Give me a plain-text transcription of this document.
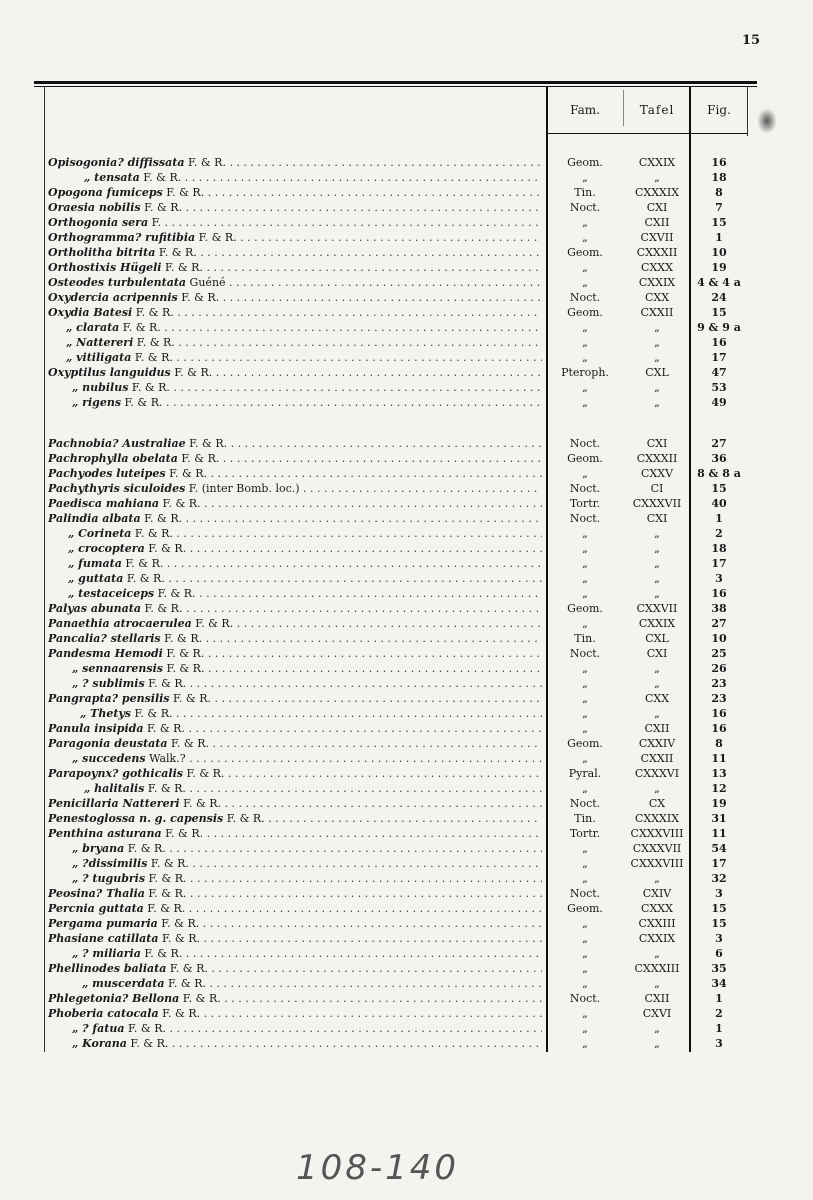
15
Fam.	Tafel	Fig.
Opisogonia? diffissata F. & R. . . .	Geom.	CXXIX	16
„ tensata F. & R. . . .	„	„	18
Opogona fumiceps F. & R. . . .	Tin.	CXXXIX	8
Oraesia nobilis F. & R. . . .	Noct.	CXI	7
Orthogonia sera F. . . .	„	CXII	15
Orthogramma? rufitibia F. & R. . . .	„	CXVII	1
Ortholitha bitrita F. & R. . . .	Geom.	CXXXII	10
Orthostixis Hügeli F. & R. . . .	„	CXXX	19
Osteodes turbulentata Guéné . . .	„	CXXIX	4 & 4 a
Oxydercia acripennis F. & R. . . .	Noct.	CXX	24
Oxydia Batesi F. & R. . . .	Geom.	CXXII	15
„ clarata F. & R. . . .	„	„	9 & 9 a
„ Nattereri F. & R. . . .	„	„	16
„ vitiligata F. & R. . . .	„	„	17
Oxyptilus languidus F. & R. . . .	Pteroph.	CXL	47
„ nubilus F. & R. . . .	„	„	53
„ rigens F. & R. . . .	„	„	49
Pachnobia? Australiae F. & R. . . .	Noct.	CXI	27
Pachrophylla obelata F. & R. . . .	Geom.	CXXXII	36
Pachyodes luteipes F. & R. . . .	„	CXXV	8 & 8 a
Pachythyris siculoides F. (inter Bomb. loc.) . . .	Noct.	CI	15
Paedisca mahiana F. & R. . . .	Tortr.	CXXXVII	40
Palindia albata F. & R. . . .	Noct.	CXI	1
„ Corineta F. & R. . . .	„	„	2
„ crocoptera F. & R. . . .	„	„	18
„ fumata F. & R. . . .	„	„	17
„ guttata F. & R. . . .	„	„	3
„ testaceiceps F. & R. . . .	„	„	16
Palyas abunata F. & R. . . .	Geom.	CXXVII	38
Panaethia atrocaerulea F. & R. . . .	„	CXXIX	27
Pancalia? stellaris F. & R. . . .	Tin.	CXL	10
Pandesma Hemodi F. & R. . . .	Noct.	CXI	25
„ sennaarensis F. & R. . . .	„	„	26
„ ? sublimis F. & R. . . .	„	„	23
Pangrapta? pensilis F. & R. . . .	„	CXX	23
„ Thetys F. & R. . . .	„	„	16
Panula insipida F. & R. . . .	„	CXII	16
Paragonia deustata F. & R. . . .	Geom.	CXXIV	8
„ succedens Walk.? . . .	„	CXXII	11
Parapoynx? gothicalis F. & R. . . .	Pyral.	CXXXVI	13
„ halitalis F. & R. . . .	„	„	12
Penicillaria Nattereri F. & R. . . .	Noct.	CX	19
Penestoglossa n. g. capensis F. & R. . . .	Tin.	CXXXIX	31
Penthina asturana F. & R. . . .	Tortr.	CXXXVIII	11
„ bryana F. & R. . . .	„	CXXXVII	54
„ ?dissimilis F. & R. . . .	„	CXXXVIII	17
„ ? tugubris F. & R. . . .	„	„	32
Peosina? Thalia F. & R. . . .	Noct.	CXIV	3
Percnia guttata F. & R. . . .	Geom.	CXXX	15
Pergama pumaria F. & R. . . .	„	CXXIII	15
Phasiane catillata F. & R. . . .	„	CXXIX	3
„ ? miliaria F. & R. . . .	„	„	6
Phellinodes baliata F. & R. . . .	„	CXXXIII	35
„ muscerdata F. & R. . . .	„	„	34
Phlegetonia? Bellona F. & R. . . .	Noct.	CXII	1
Phoberia catocala F. & R. . . .	„	CXVI	2
„ ? fatua F. & R. . . .	„	„	1
„ Korana F. & R. . . .	„	„	3
108-140
